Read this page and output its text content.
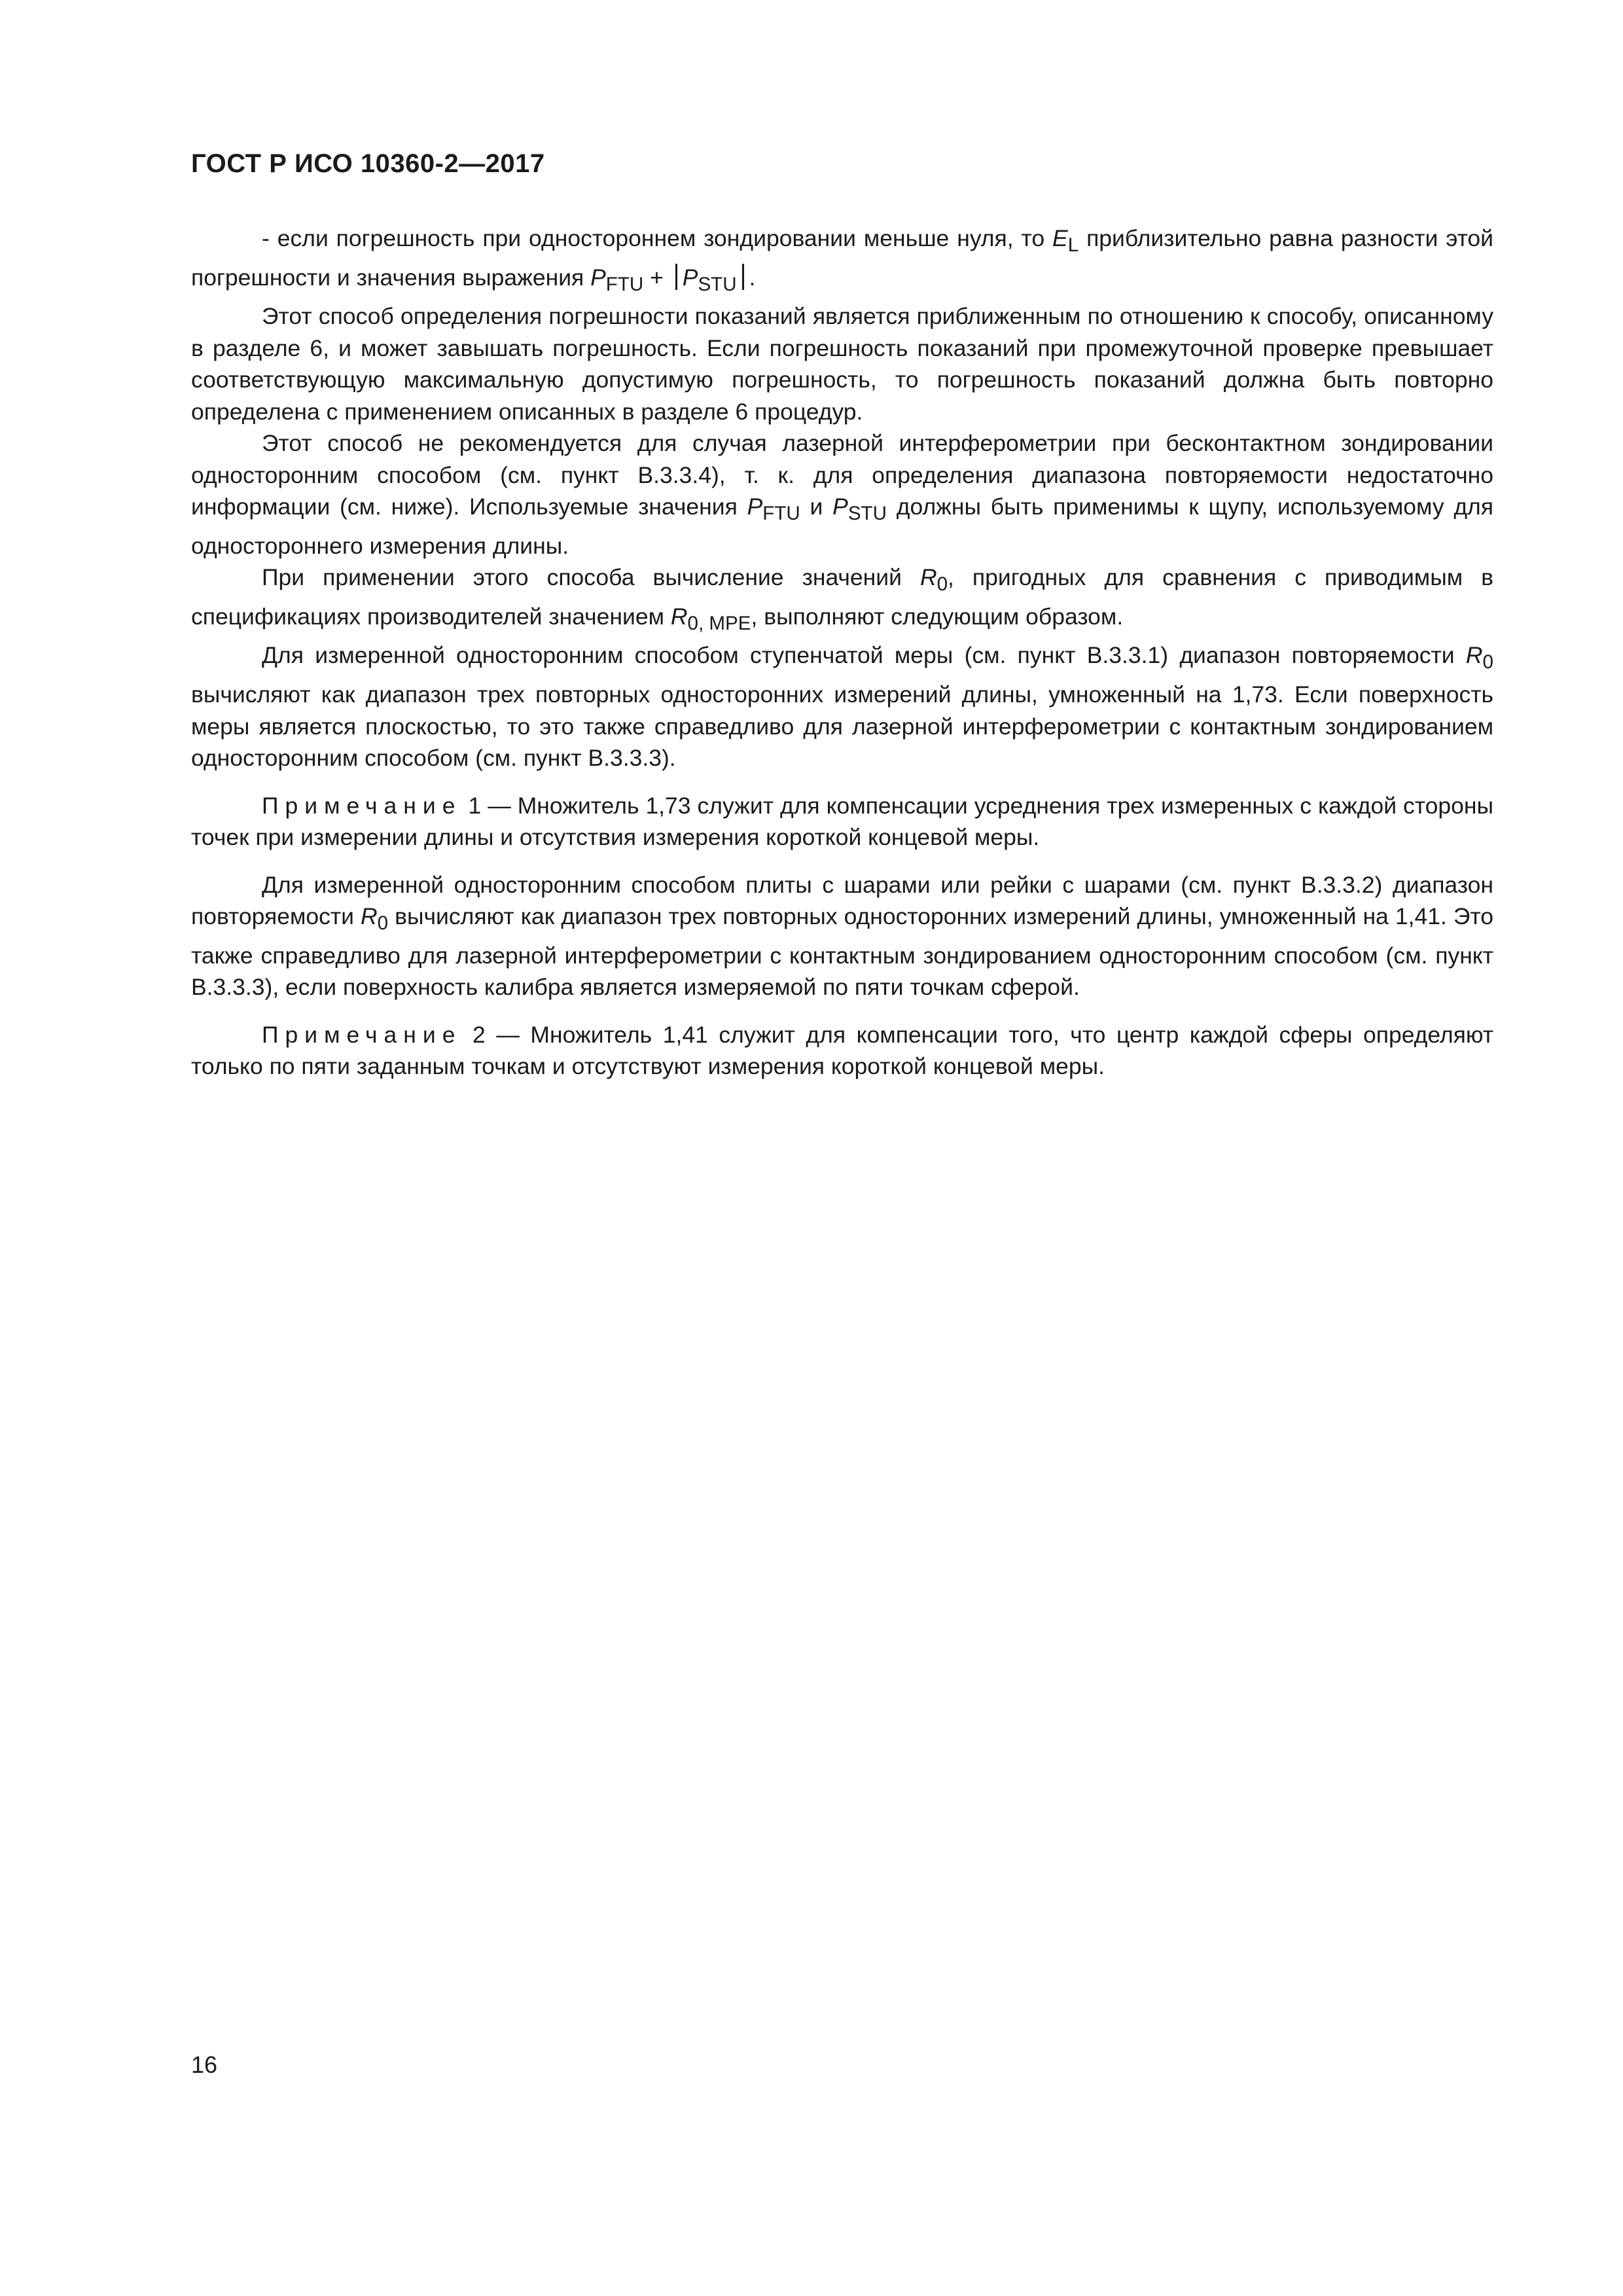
ГОСТ Р ИСО 10360-2—2017

- если погрешность при одностороннем зондировании меньше нуля, то $E_L$ приблизительно равна разности этой погрешности и значения выражения $P_{FTU} + P_{STU}$ .

Этот способ определения погрешности показаний является приближенным по отношению к способу, описанному в разделе 6, и может завышать погрешность. Если погрешность показаний при промежуточной проверке превышает соответствующую максимальную допустимую погрешность, то погрешность показаний должна быть повторно определена с применением описанных в разделе 6 процедур.

Этот способ не рекомендуется для случая лазерной интерферометрии при бесконтактном зондировании односторонним способом (см. пункт В.3.3.4), т. к. для определения диапазона повторяемости недостаточно информации (см. ниже). Используемые значения $P_{FTU}$ и $P_{STU}$ должны быть применимы к щупу, используемому для одностороннего измерения длины.

При применении этого способа вычисление значений $R_0$, пригодных для сравнения с приводимым в спецификациях производителей значением $R_{0, MPE}$, выполняют следующим образом.

Для измеренной односторонним способом ступенчатой меры (см. пункт В.3.3.1) диапазон повторяемости $R_0$ вычисляют как диапазон трех повторных односторонних измерений длины, умноженный на 1,73. Если поверхность меры является плоскостью, то это также справедливо для лазерной интерферометрии с контактным зондированием односторонним способом (см. пункт В.3.3.3).

Примечание 1 — Множитель 1,73 служит для компенсации усреднения трех измеренных с каждой стороны точек при измерении длины и отсутствия измерения короткой концевой меры.

Для измеренной односторонним способом плиты с шарами или рейки с шарами (см. пункт В.3.3.2) диапазон повторяемости $R_0$ вычисляют как диапазон трех повторных односторонних измерений длины, умноженный на 1,41. Это также справедливо для лазерной интерферометрии с контактным зондированием односторонним способом (см. пункт В.3.3.3), если поверхность калибра является измеряемой по пяти точкам сферой.

Примечание 2 — Множитель 1,41 служит для компенсации того, что центр каждой сферы определяют только по пяти заданным точкам и отсутствуют измерения короткой концевой меры.

16
